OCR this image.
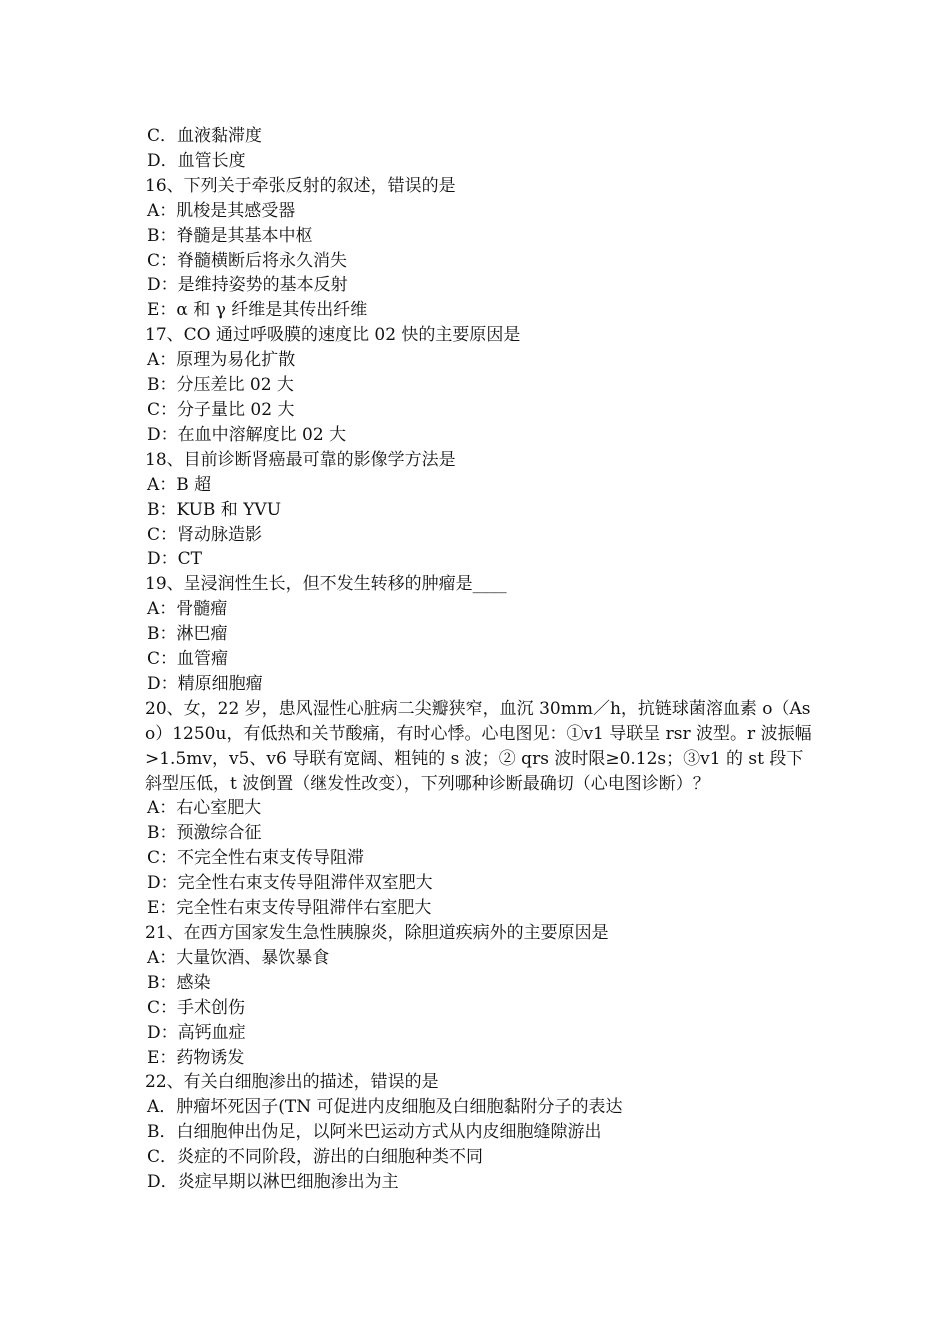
C．血液黏滞度

D．血管长度

16、下列关于牵张反射的叙述，错误的是

A：肌梭是其感受器

B：脊髓是其基本中枢

C：脊髓横断后将永久消失

D：是维持姿势的基本反射

E：α 和 γ 纤维是其传出纤维

17、CO 通过呼吸膜的速度比 02 快的主要原因是

A：原理为易化扩散

B：分压差比 02 大

C：分子量比 02 大

D：在血中溶解度比 02 大

18、目前诊断肾癌最可靠的影像学方法是

A：B 超

B：KUB 和 YVU

C：肾动脉造影

D：CT

19、呈浸润性生长，但不发生转移的肿瘤是____

A：骨髓瘤

B：淋巴瘤

C：血管瘤

D：精原细胞瘤

20、女，22 岁，患风湿性心脏病二尖瓣狭窄，血沉 30mm／h，抗链球菌溶血素 o（Aso）1250u，有低热和关节酸痛，有时心悸。心电图见：①v1 导联呈 rsr 波型。r 波振幅>1.5mv，v5、v6 导联有宽阔、粗钝的 s 波；② qrs 波时限≥0.12s；③v1 的 st 段下斜型压低，t 波倒置（继发性改变），下列哪种诊断最确切（心电图诊断）？

A：右心室肥大

B：预激综合征

C：不完全性右束支传导阻滞

D：完全性右束支传导阻滞伴双室肥大

E：完全性右束支传导阻滞伴右室肥大

21、在西方国家发生急性胰腺炎，除胆道疾病外的主要原因是

A：大量饮酒、暴饮暴食

B：感染

C：手术创伤

D：高钙血症

E：药物诱发

22、有关白细胞渗出的描述，错误的是

A．肿瘤坏死因子(TN 可促进内皮细胞及白细胞黏附分子的表达

B．白细胞伸出伪足，以阿米巴运动方式从内皮细胞缝隙游出

C．炎症的不同阶段，游出的白细胞种类不同

D．炎症早期以淋巴细胞渗出为主
